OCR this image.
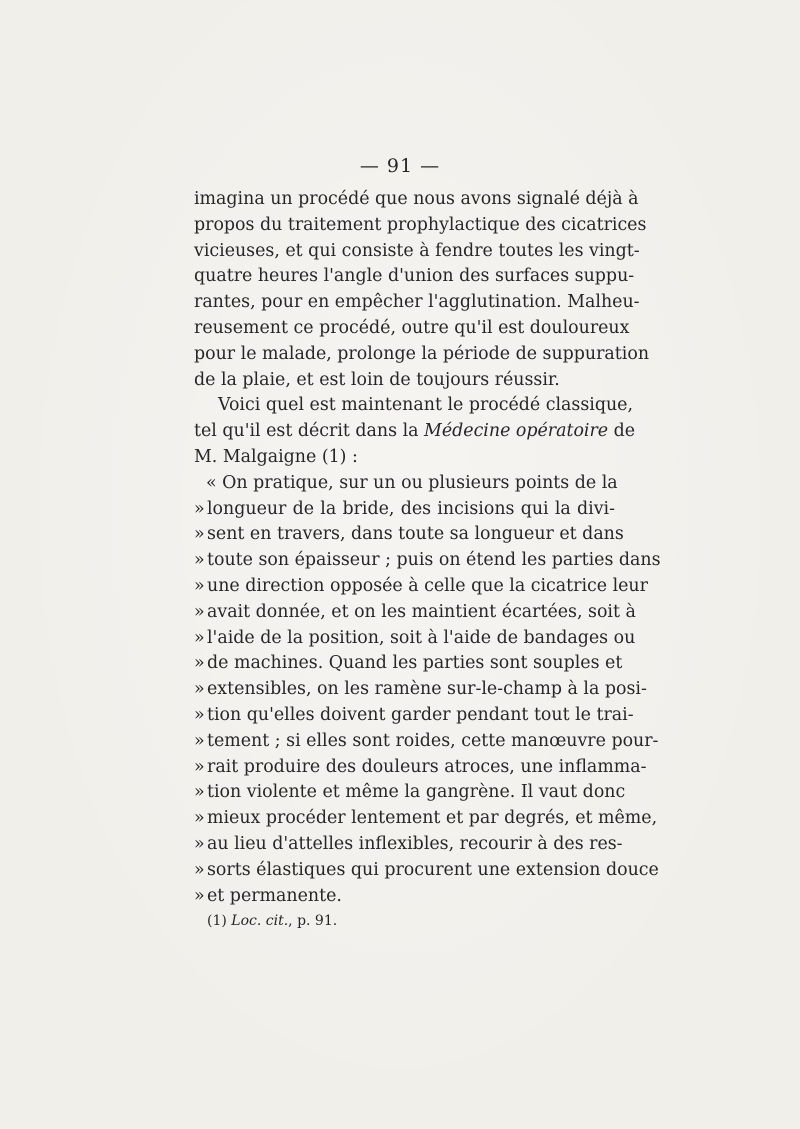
— 91 —
imagina un procédé que nous avons signalé déjà à
propos du traitement prophylactique des cicatrices
vicieuses, et qui consiste à fendre toutes les vingt-
quatre heures l'angle d'union des surfaces suppu-
rantes, pour en empêcher l'agglutination. Malheu-
reusement ce procédé, outre qu'il est douloureux
pour le malade, prolonge la période de suppuration
de la plaie, et est loin de toujours réussir.
Voici quel est maintenant le procédé classique,
tel qu'il est décrit dans la Médecine opératoire de
M. Malgaigne (1) :
« On pratique, sur un ou plusieurs points de la
» longueur de la bride, des incisions qui la divi-
» sent en travers, dans toute sa longueur et dans
» toute son épaisseur ; puis on étend les parties dans
» une direction opposée à celle que la cicatrice leur
» avait donnée, et on les maintient écartées, soit à
» l'aide de la position, soit à l'aide de bandages ou
» de machines. Quand les parties sont souples et
» extensibles, on les ramène sur-le-champ à la posi-
» tion qu'elles doivent garder pendant tout le trai-
» tement ; si elles sont roides, cette manœuvre pour-
» rait produire des douleurs atroces, une inflamma-
» tion violente et même la gangrène. Il vaut donc
» mieux procéder lentement et par degrés, et même,
» au lieu d'attelles inflexibles, recourir à des res-
» sorts élastiques qui procurent une extension douce
» et permanente.
(1) Loc. cit., p. 91.
